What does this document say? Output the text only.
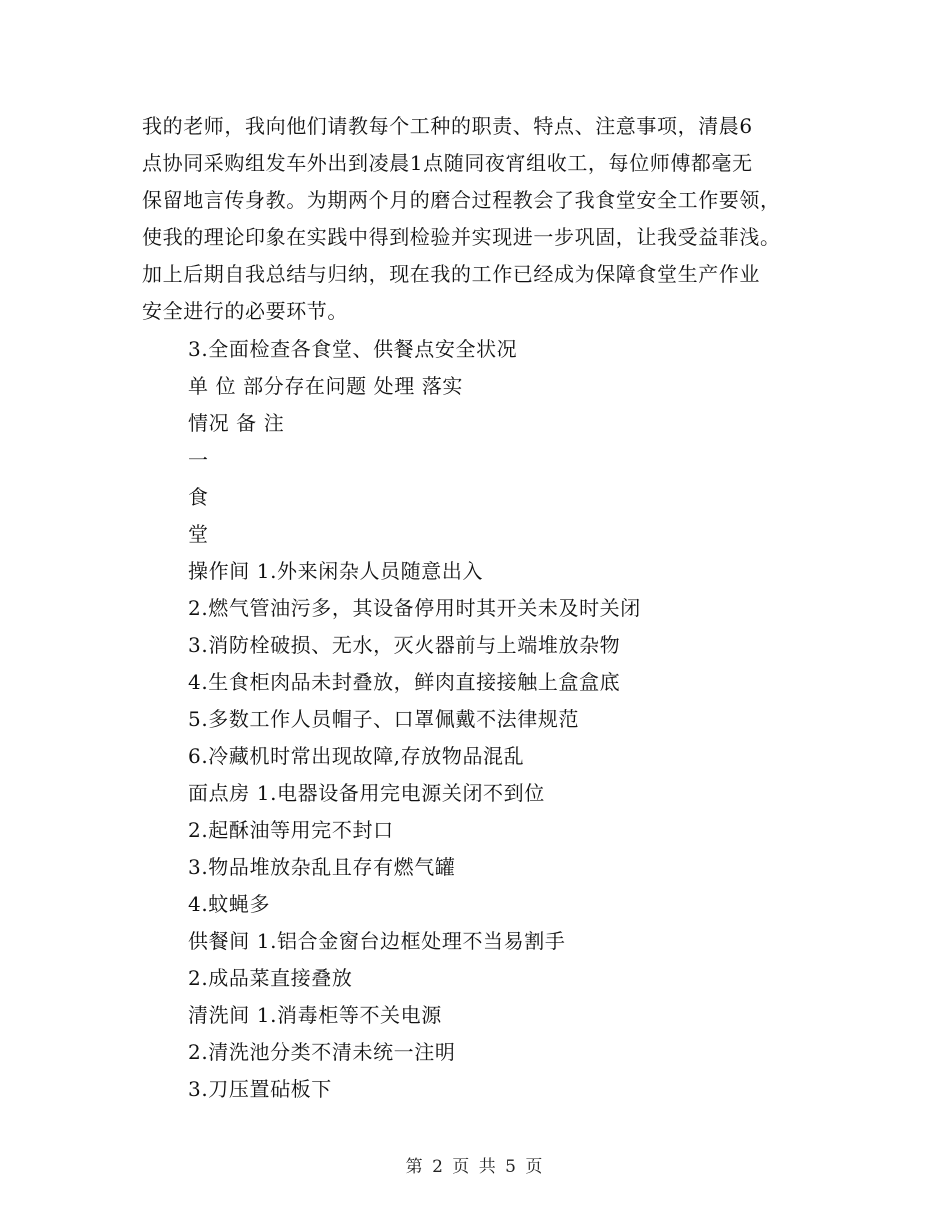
我的老师，我向他们请教每个工种的职责、特点、注意事项，清晨6
点协同采购组发车外出到凌晨1点随同夜宵组收工，每位师傅都毫无
保留地言传身教。为期两个月的磨合过程教会了我食堂安全工作要领，
使我的理论印象在实践中得到检验并实现进一步巩固，让我受益菲浅。
加上后期自我总结与归纳，现在我的工作已经成为保障食堂生产作业
安全进行的必要环节。

3.全面检查各食堂、供餐点安全状况
单 位 部分存在问题 处理 落实
情况 备 注
一
食
堂
操作间 1.外来闲杂人员随意出入
2.燃气管油污多，其设备停用时其开关未及时关闭
3.消防栓破损、无水，灭火器前与上端堆放杂物
4.生食柜肉品未封叠放，鲜肉直接接触上盒盒底
5.多数工作人员帽子、口罩佩戴不法律规范
6.冷藏机时常出现故障,存放物品混乱
面点房 1.电器设备用完电源关闭不到位
2.起酥油等用完不封口
3.物品堆放杂乱且存有燃气罐
4.蚊蝇多
供餐间 1.铝合金窗台边框处理不当易割手
2.成品菜直接叠放
清洗间 1.消毒柜等不关电源
2.清洗池分类不清未统一注明
3.刀压置砧板下
第 2 页 共 5 页
